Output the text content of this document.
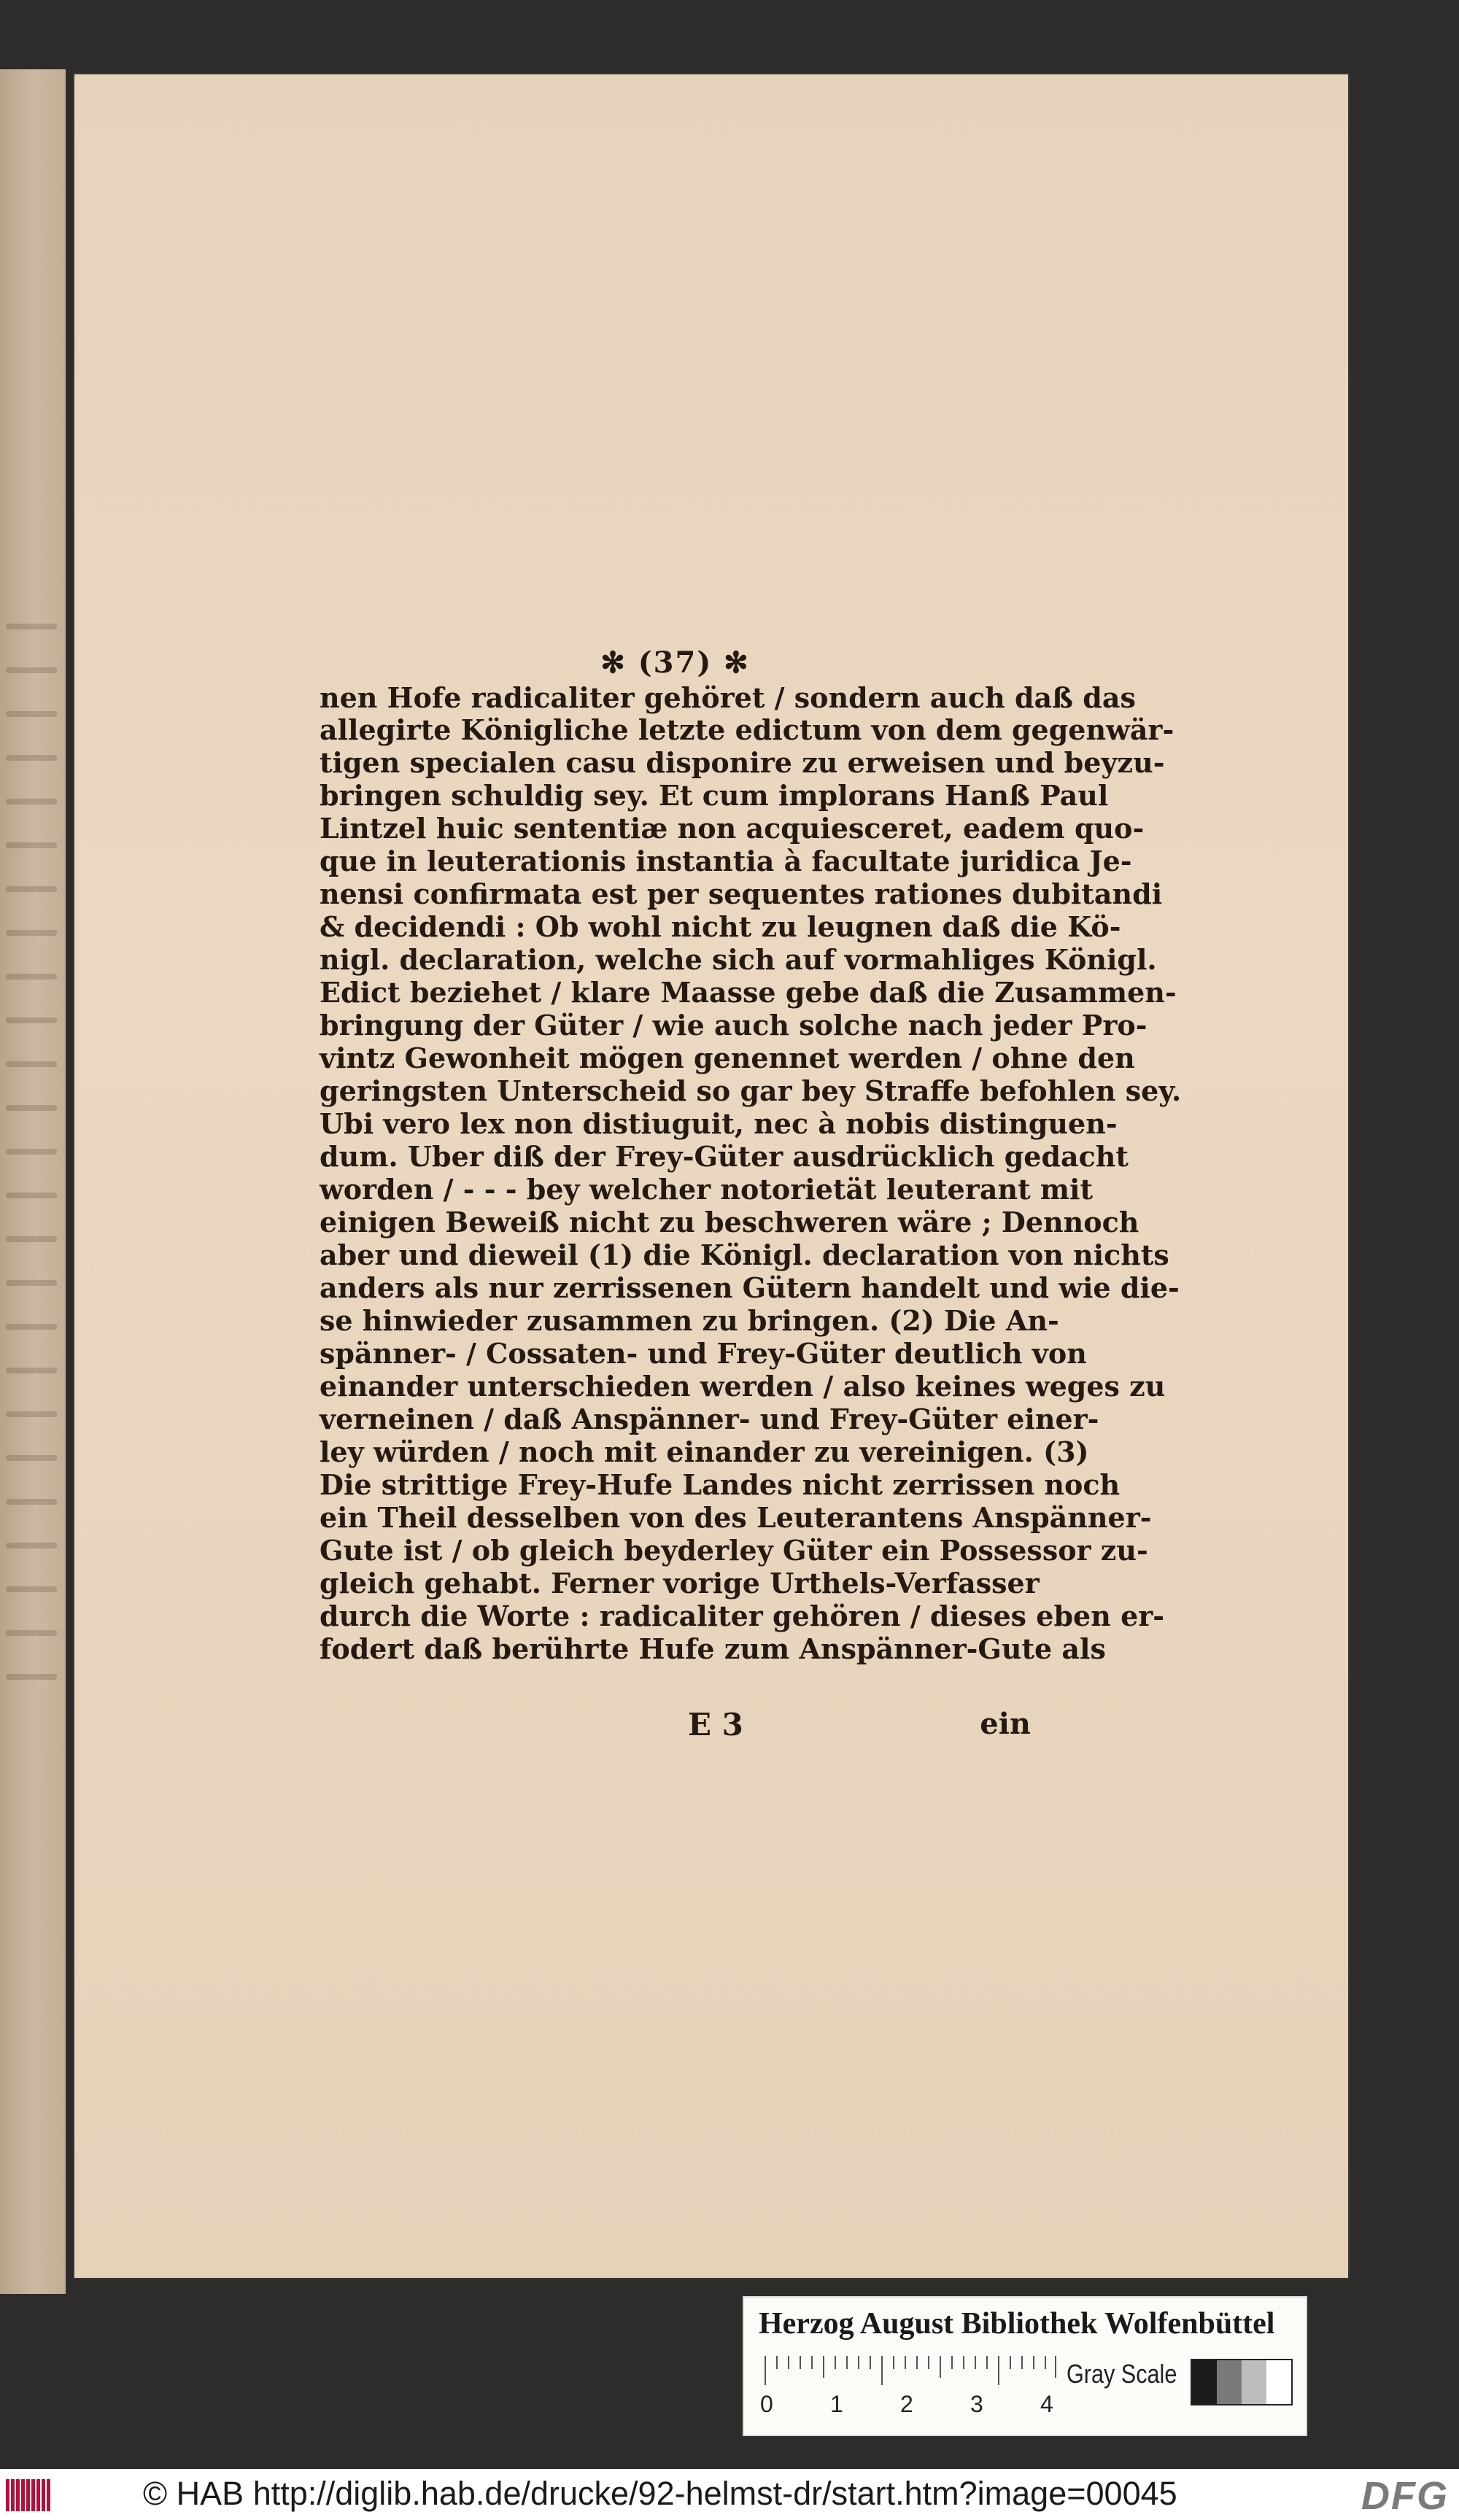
✻ (37) ✻
nen Hofe radicaliter gehöret / sondern auch daß das
allegirte Königliche letzte edictum von dem gegenwär-
tigen specialen casu disponire zu erweisen und beyzu-
bringen schuldig sey. Et cum implorans Hanß Paul
Lintzel huic sententiæ non acquiesceret, eadem quo-
que in leuterationis instantia à facultate juridica Je-
nensi confirmata est per sequentes rationes dubitandi
& decidendi : Ob wohl nicht zu leugnen daß die Kö-
nigl. declaration, welche sich auf vormahliges Königl.
Edict beziehet / klare Maasse gebe daß die Zusammen-
bringung der Güter / wie auch solche nach jeder Pro-
vintz Gewonheit mögen genennet werden / ohne den
geringsten Unterscheid so gar bey Straffe befohlen sey.
Ubi vero lex non distiuguit, nec à nobis distinguen-
dum. Uber diß der Frey-Güter ausdrücklich gedacht
worden / - - - bey welcher notorietät leuterant mit
einigen Beweiß nicht zu beschweren wäre ; Dennoch
aber und dieweil (1) die Königl. declaration von nichts
anders als nur zerrissenen Gütern handelt und wie die-
se hinwieder zusammen zu bringen. (2) Die An-
spänner- / Cossaten- und Frey-Güter deutlich von
einander unterschieden werden / also keines weges zu
verneinen / daß Anspänner- und Frey-Güter einer-
ley würden / noch mit einander zu vereinigen. (3)
Die strittige Frey-Hufe Landes nicht zerrissen noch
ein Theil desselben von des Leuterantens Anspänner-
Gute ist / ob gleich beyderley Güter ein Possessor zu-
gleich gehabt. Ferner vorige Urthels-Verfasser
durch die Worte : radicaliter gehören / dieses eben er-
fodert daß berührte Hufe zum Anspänner-Gute als
E 3	ein
Herzog August Bibliothek Wolfenbüttel
0 1 2 3 4
Gray Scale
© HAB http://diglib.hab.de/drucke/92-helmst-dr/start.htm?image=00045	DFG
